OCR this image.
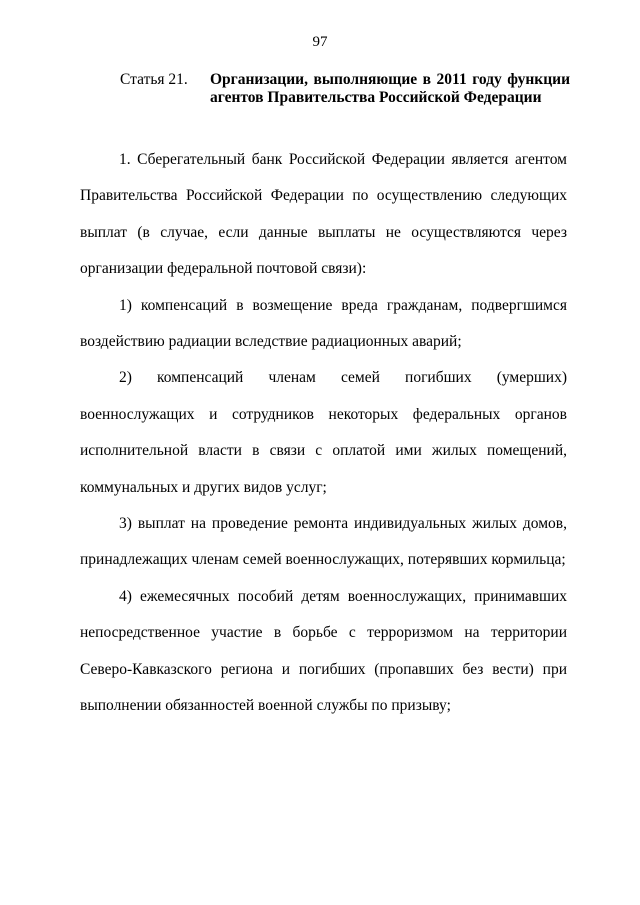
97
Статья 21. Организации, выполняющие в 2011 году функции агентов Правительства Российской Федерации

1. Сберегательный банк Российской Федерации является агентом Правительства Российской Федерации по осуществлению следующих выплат (в случае, если данные выплаты не осуществляются через организации федеральной почтовой связи):

1) компенсаций в возмещение вреда гражданам, подвергшимся воздействию радиации вследствие радиационных аварий;

2) компенсаций членам семей погибших (умерших) военнослужащих и сотрудников некоторых федеральных органов исполнительной власти в связи с оплатой ими жилых помещений, коммунальных и других видов услуг;

3) выплат на проведение ремонта индивидуальных жилых домов, принадлежащих членам семей военнослужащих, потерявших кормильца;

4) ежемесячных пособий детям военнослужащих, принимавших непосредственное участие в борьбе с терроризмом на территории Северо-Кавказского региона и погибших (пропавших без вести) при выполнении обязанностей военной службы по призыву;
